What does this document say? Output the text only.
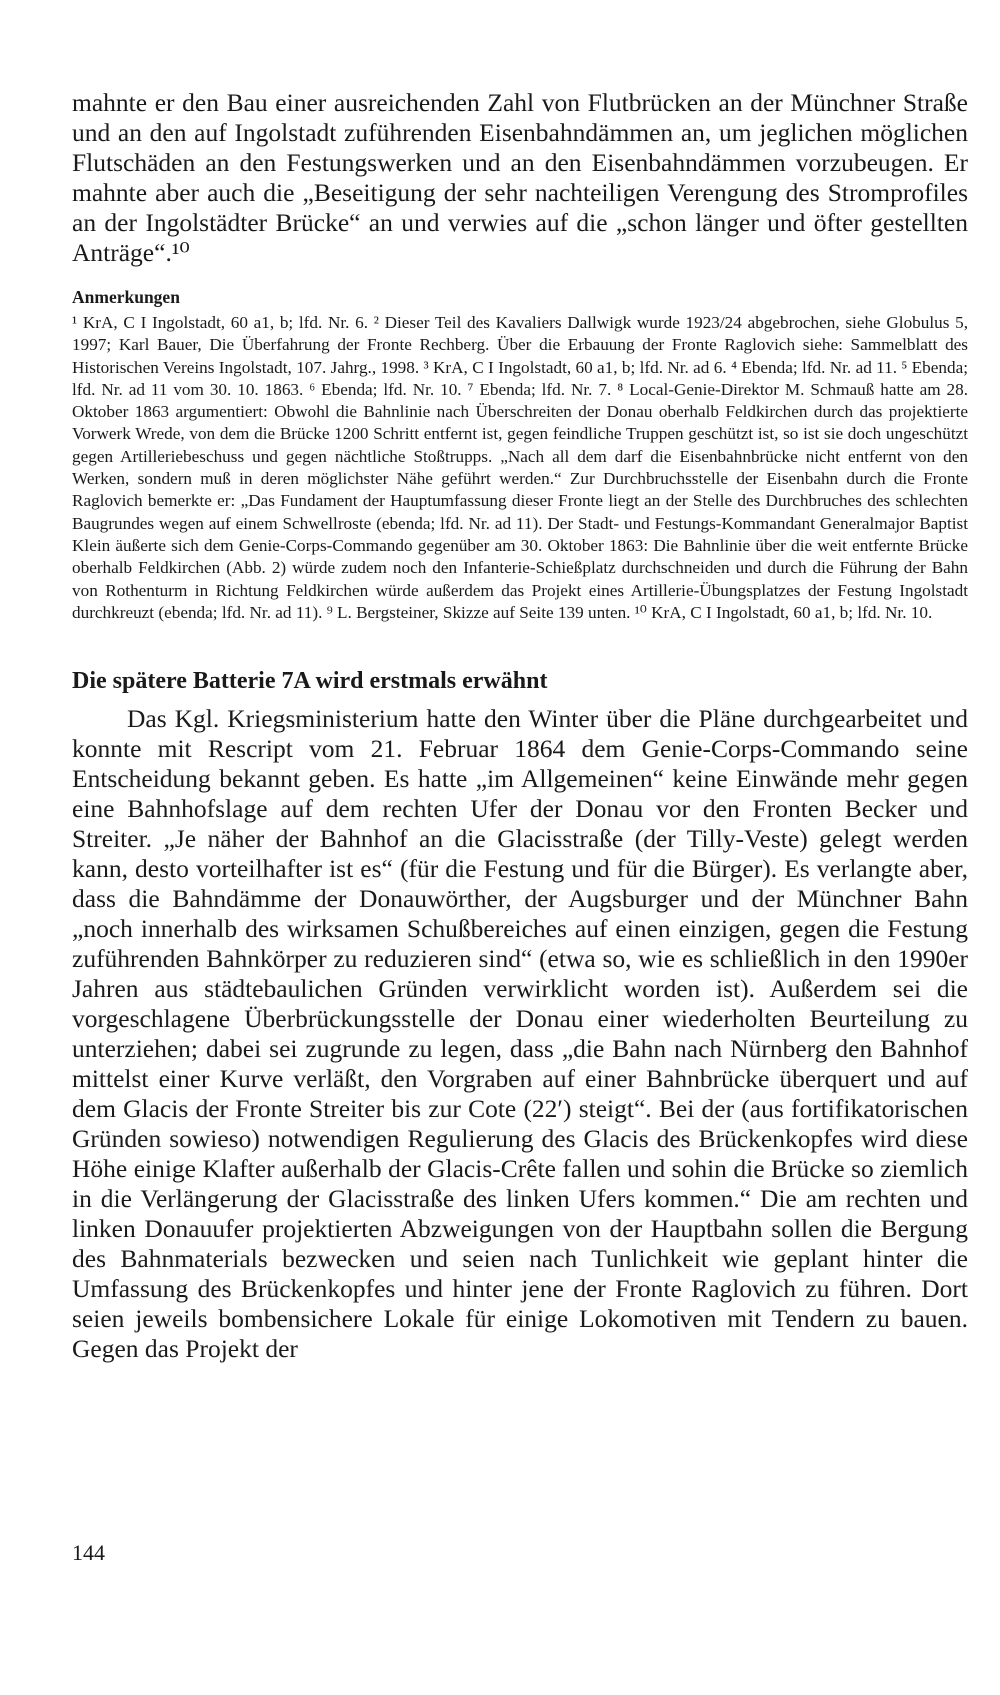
mahnte er den Bau einer ausreichenden Zahl von Flutbrücken an der Münchner Straße und an den auf Ingolstadt zuführenden Eisenbahndämmen an, um jeglichen möglichen Flutschäden an den Festungswerken und an den Eisenbahndämmen vorzubeugen. Er mahnte aber auch die „Beseitigung der sehr nachteiligen Verengung des Stromprofiles an der Ingolstädter Brücke“ an und verwies auf die „schon länger und öfter gestellten Anträge“.¹⁰

Anmerkungen

¹ KrA, C I Ingolstadt, 60 a1, b; lfd. Nr. 6. ² Dieser Teil des Kavaliers Dallwigk wurde 1923/24 abgebrochen, siehe Globulus 5, 1997; Karl Bauer, Die Überfahrung der Fronte Rechberg. Über die Erbauung der Fronte Raglovich siehe: Sammelblatt des Historischen Vereins Ingolstadt, 107. Jahrg., 1998. ³ KrA, C I Ingolstadt, 60 a1, b; lfd. Nr. ad 6. ⁴ Ebenda; lfd. Nr. ad 11. ⁵ Ebenda; lfd. Nr. ad 11 vom 30. 10. 1863. ⁶ Ebenda; lfd. Nr. 10. ⁷ Ebenda; lfd. Nr. 7. ⁸ Local-Genie-Direktor M. Schmauß hatte am 28. Oktober 1863 argumentiert: Obwohl die Bahnlinie nach Überschreiten der Donau oberhalb Feldkirchen durch das projektierte Vorwerk Wrede, von dem die Brücke 1200 Schritt entfernt ist, gegen feindliche Truppen geschützt ist, so ist sie doch ungeschützt gegen Artilleriebeschuss und gegen nächtliche Stoßtrupps. „Nach all dem darf die Eisenbahnbrücke nicht entfernt von den Werken, sondern muß in deren möglichster Nähe geführt werden.“ Zur Durchbruchsstelle der Eisenbahn durch die Fronte Raglovich bemerkte er: „Das Fundament der Hauptumfassung dieser Fronte liegt an der Stelle des Durchbruches des schlechten Baugrundes wegen auf einem Schwellroste (ebenda; lfd. Nr. ad 11). Der Stadt- und Festungs-Kommandant Generalmajor Baptist Klein äußerte sich dem Genie-Corps-Commando gegenüber am 30. Oktober 1863: Die Bahnlinie über die weit entfernte Brücke oberhalb Feldkirchen (Abb. 2) würde zudem noch den Infanterie-Schießplatz durchschneiden und durch die Führung der Bahn von Rothenturm in Richtung Feldkirchen würde außerdem das Projekt eines Artillerie-Übungsplatzes der Festung Ingolstadt durchkreuzt (ebenda; lfd. Nr. ad 11). ⁹ L. Bergsteiner, Skizze auf Seite 139 unten. ¹⁰ KrA, C I Ingolstadt, 60 a1, b; lfd. Nr. 10.

Die spätere Batterie 7A wird erstmals erwähnt

Das Kgl. Kriegsministerium hatte den Winter über die Pläne durchgearbeitet und konnte mit Rescript vom 21. Februar 1864 dem Genie-Corps-Commando seine Entscheidung bekannt geben. Es hatte „im Allgemeinen“ keine Einwände mehr gegen eine Bahnhofslage auf dem rechten Ufer der Donau vor den Fronten Becker und Streiter. „Je näher der Bahnhof an die Glacisstraße (der Tilly-Veste) gelegt werden kann, desto vorteilhafter ist es“ (für die Festung und für die Bürger). Es verlangte aber, dass die Bahndämme der Donauwörther, der Augsburger und der Münchner Bahn „noch innerhalb des wirksamen Schußbereiches auf einen einzigen, gegen die Festung zuführenden Bahnkörper zu reduzieren sind“ (etwa so, wie es schließlich in den 1990er Jahren aus städtebaulichen Gründen verwirklicht worden ist). Außerdem sei die vorgeschlagene Überbrückungsstelle der Donau einer wiederholten Beurteilung zu unterziehen; dabei sei zugrunde zu legen, dass „die Bahn nach Nürnberg den Bahnhof mittelst einer Kurve verläßt, den Vorgraben auf einer Bahnbrücke überquert und auf dem Glacis der Fronte Streiter bis zur Cote (22′) steigt“. Bei der (aus fortifikatorischen Gründen sowieso) notwendigen Regulierung des Glacis des Brückenkopfes wird diese Höhe einige Klafter außerhalb der Glacis-Crête fallen und sohin die Brücke so ziemlich in die Verlängerung der Glacisstraße des linken Ufers kommen.“ Die am rechten und linken Donauufer projektierten Abzweigungen von der Hauptbahn sollen die Bergung des Bahnmaterials bezwecken und seien nach Tunlichkeit wie geplant hinter die Umfassung des Brückenkopfes und hinter jene der Fronte Raglovich zu führen. Dort seien jeweils bombensichere Lokale für einige Lokomotiven mit Tendern zu bauen. Gegen das Projekt der

144
